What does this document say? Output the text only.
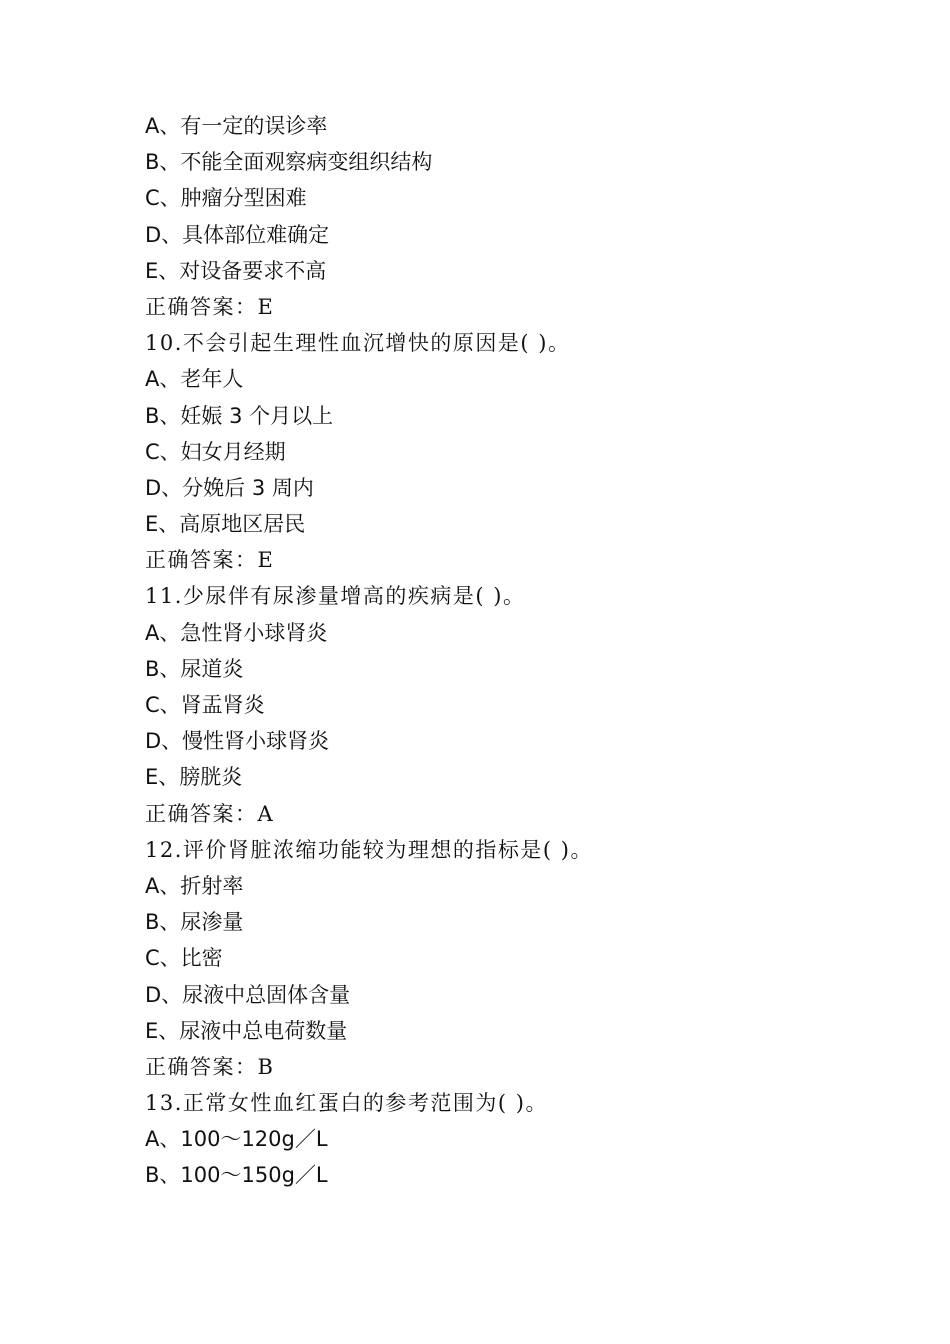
A、有一定的误诊率
B、不能全面观察病变组织结构
C、肿瘤分型困难
D、具体部位难确定
E、对设备要求不高
正确答案：E
10.不会引起生理性血沉增快的原因是( )。
A、老年人
B、妊娠 3 个月以上
C、妇女月经期
D、分娩后 3 周内
E、高原地区居民
正确答案：E
11.少尿伴有尿渗量增高的疾病是( )。
A、急性肾小球肾炎
B、尿道炎
C、肾盂肾炎
D、慢性肾小球肾炎
E、膀胱炎
正确答案：A
12.评价肾脏浓缩功能较为理想的指标是( )。
A、折射率
B、尿渗量
C、比密
D、尿液中总固体含量
E、尿液中总电荷数量
正确答案：B
13.正常女性血红蛋白的参考范围为( )。
A、100～120g／L
B、100～150g／L
